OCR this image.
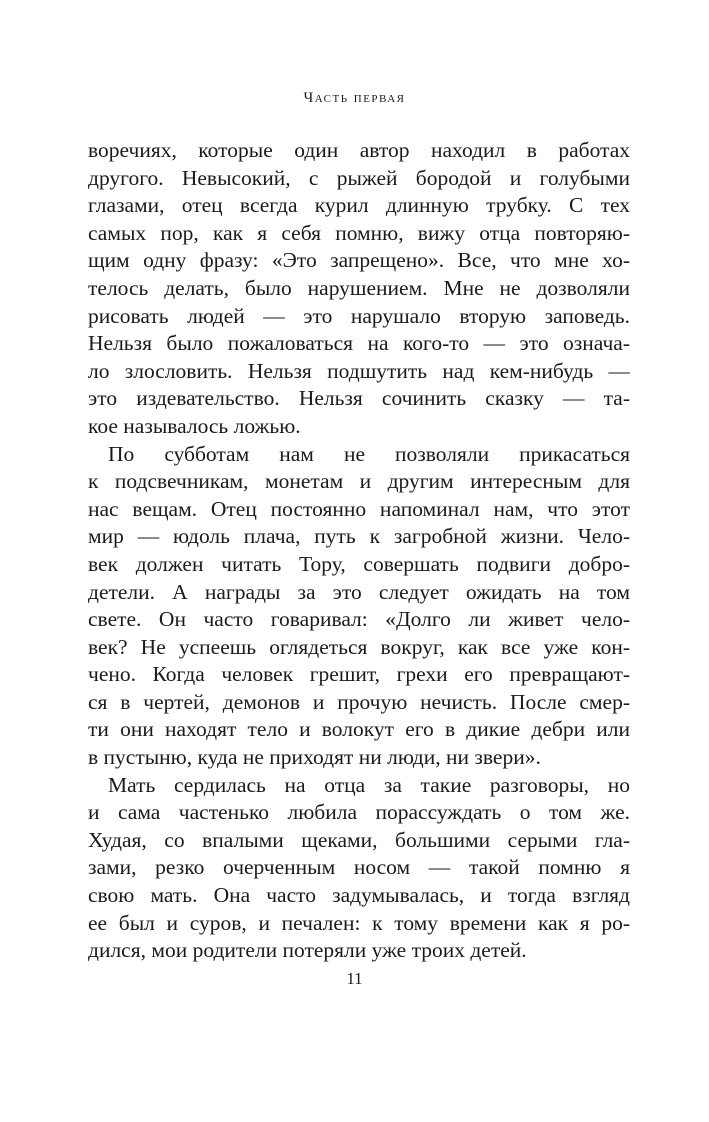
Часть первая
воречиях, которые один автор находил в работах
другого. Невысокий, с рыжей бородой и голубыми
глазами, отец всегда курил длинную трубку. С тех
самых пор, как я себя помню, вижу отца повторяю-
щим одну фразу: «Это запрещено». Все, что мне хо-
телось делать, было нарушением. Мне не дозволяли
рисовать людей — это нарушало вторую заповедь.
Нельзя было пожаловаться на кого-то — это означа-
ло злословить. Нельзя подшутить над кем-нибудь —
это издевательство. Нельзя сочинить сказку — та-
кое называлось ложью.
По субботам нам не позволяли прикасаться
к подсвечникам, монетам и другим интересным для
нас вещам. Отец постоянно напоминал нам, что этот
мир — юдоль плача, путь к загробной жизни. Чело-
век должен читать Тору, совершать подвиги добро-
детели. А награды за это следует ожидать на том
свете. Он часто говаривал: «Долго ли живет чело-
век? Не успеешь оглядеться вокруг, как все уже кон-
чено. Когда человек грешит, грехи его превращают-
ся в чертей, демонов и прочую нечисть. После смер-
ти они находят тело и волокут его в дикие дебри или
в пустыню, куда не приходят ни люди, ни звери».
Мать сердилась на отца за такие разговоры, но
и сама частенько любила порассуждать о том же.
Худая, со впалыми щеками, большими серыми гла-
зами, резко очерченным носом — такой помню я
свою мать. Она часто задумывалась, и тогда взгляд
ее был и суров, и печален: к тому времени как я ро-
дился, мои родители потеряли уже троих детей.
11
